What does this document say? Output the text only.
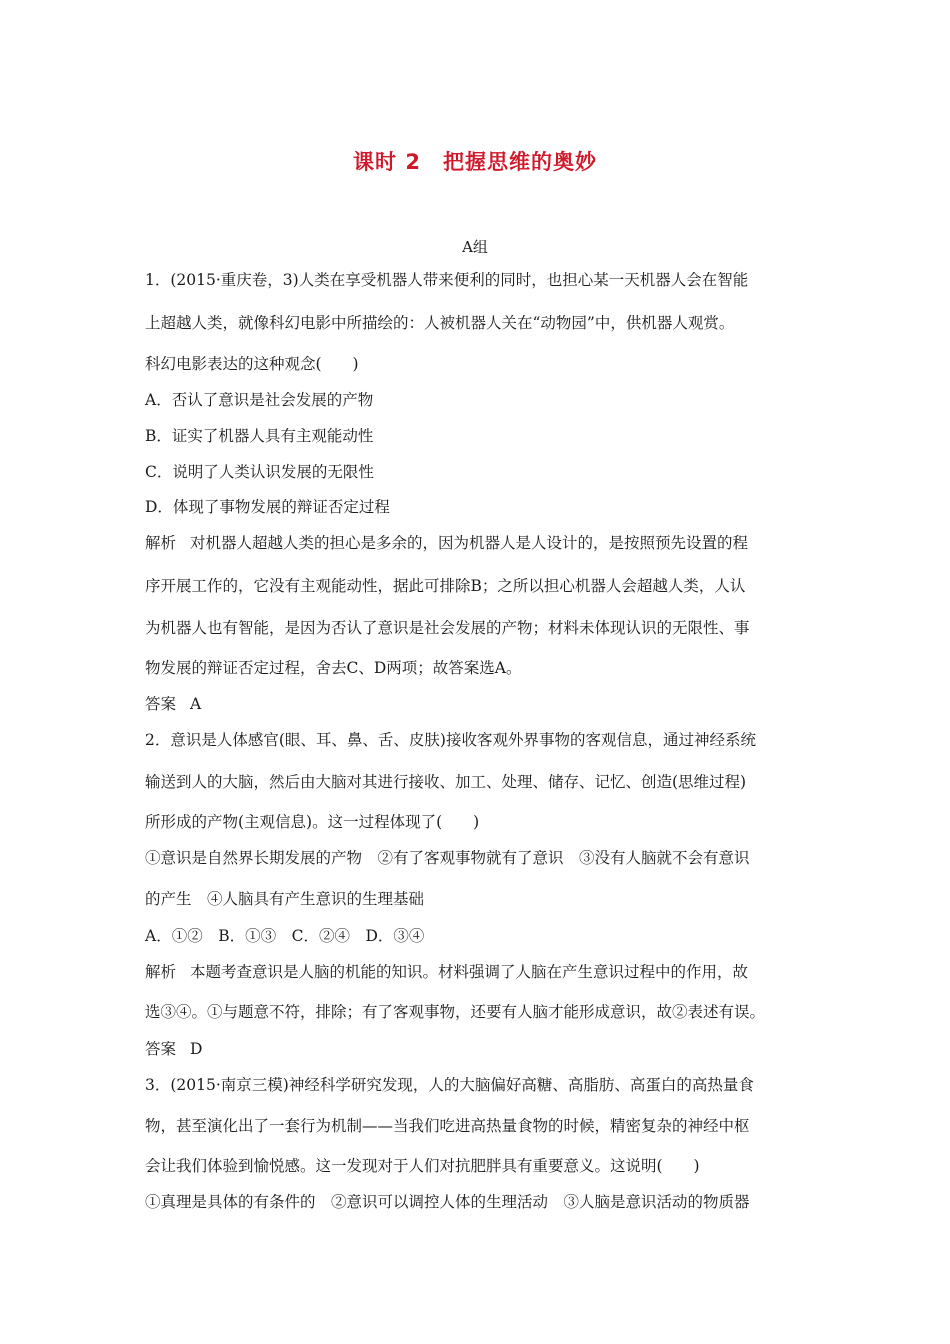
课时 2　把握思维的奥妙
A组
1．(2015·重庆卷，3)人类在享受机器人带来便利的同时，也担心某一天机器人会在智能
上超越人类，就像科幻电影中所描绘的：人被机器人关在“动物园”中，供机器人观赏。
科幻电影表达的这种观念(　　)
A．否认了意识是社会发展的产物
B．证实了机器人具有主观能动性
C．说明了人类认识发展的无限性
D．体现了事物发展的辩证否定过程
解析 对机器人超越人类的担心是多余的，因为机器人是人设计的，是按照预先设置的程
序开展工作的，它没有主观能动性，据此可排除B；之所以担心机器人会超越人类，人认
为机器人也有智能，是因为否认了意识是社会发展的产物；材料未体现认识的无限性、事
物发展的辩证否定过程，舍去C、D两项；故答案选A。
答案 A
2．意识是人体感官(眼、耳、鼻、舌、皮肤)接收客观外界事物的客观信息，通过神经系统
输送到人的大脑，然后由大脑对其进行接收、加工、处理、储存、记忆、创造(思维过程)
所形成的产物(主观信息)。这一过程体现了(　　)
①意识是自然界长期发展的产物　②有了客观事物就有了意识　③没有人脑就不会有意识
的产生　④人脑具有产生意识的生理基础
A．①②　B．①③　C．②④　D．③④
解析 本题考查意识是人脑的机能的知识。材料强调了人脑在产生意识过程中的作用，故
选③④。①与题意不符，排除；有了客观事物，还要有人脑才能形成意识，故②表述有误。
答案 D
3．(2015·南京三模)神经科学研究发现，人的大脑偏好高糖、高脂肪、高蛋白的高热量食
物，甚至演化出了一套行为机制——当我们吃进高热量食物的时候，精密复杂的神经中枢
会让我们体验到愉悦感。这一发现对于人们对抗肥胖具有重要意义。这说明(　　)
①真理是具体的有条件的　②意识可以调控人体的生理活动　③人脑是意识活动的物质器
